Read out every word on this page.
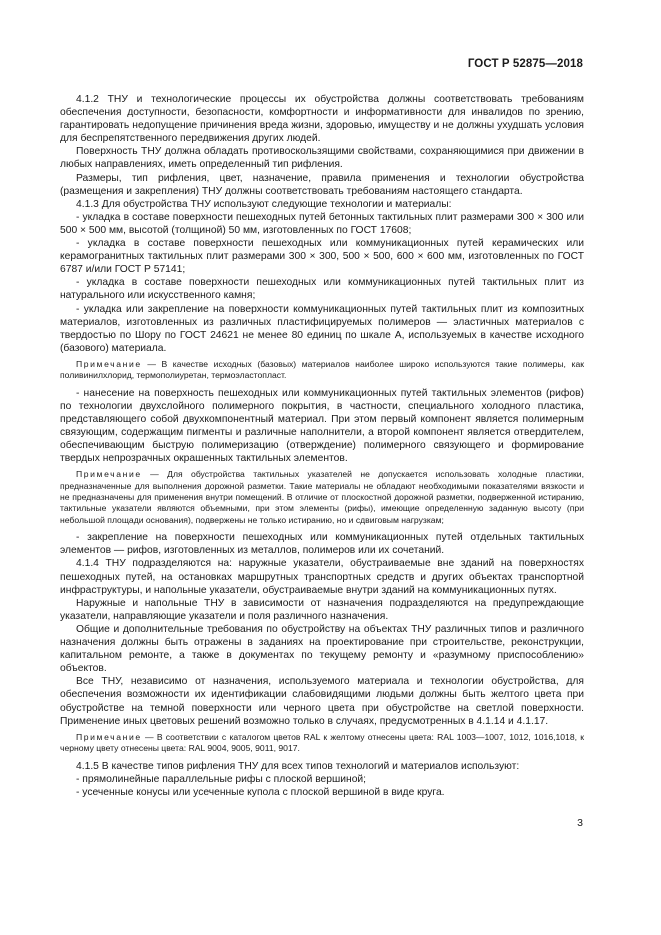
ГОСТ Р 52875—2018

4.1.2 ТНУ и технологические процессы их обустройства должны соответствовать требованиям обеспечения доступности, безопасности, комфортности и информативности для инвалидов по зрению, гарантировать недопущение причинения вреда жизни, здоровью, имуществу и не должны ухудшать условия для беспрепятственного передвижения других людей.

Поверхность ТНУ должна обладать противоскользящими свойствами, сохраняющимися при движении в любых направлениях, иметь определенный тип рифления.

Размеры, тип рифления, цвет, назначение, правила применения и технологии обустройства (размещения и закрепления) ТНУ должны соответствовать требованиям настоящего стандарта.

4.1.3 Для обустройства ТНУ используют следующие технологии и материалы:

- укладка в составе поверхности пешеходных путей бетонных тактильных плит размерами 300 × 300 или 500 × 500 мм, высотой (толщиной) 50 мм, изготовленных по ГОСТ 17608;

- укладка в составе поверхности пешеходных или коммуникационных путей керамических или керамогранитных тактильных плит размерами 300 × 300, 500 × 500, 600 × 600 мм, изготовленных по ГОСТ 6787 и/или ГОСТ Р 57141;

- укладка в составе поверхности пешеходных или коммуникационных путей тактильных плит из натурального или искусственного камня;

- укладка или закрепление на поверхности коммуникационных путей тактильных плит из композитных материалов, изготовленных из различных пластифицируемых полимеров — эластичных материалов с твердостью по Шору по ГОСТ 24621 не менее 80 единиц по шкале А, используемых в качестве исходного (базового) материала.

Примечание — В качестве исходных (базовых) материалов наиболее широко используются такие полимеры, как поливинилхлорид, термополиуретан, термоэластопласт.

- нанесение на поверхность пешеходных или коммуникационных путей тактильных элементов (рифов) по технологии двухслойного полимерного покрытия, в частности, специального холодного пластика, представляющего собой двухкомпонентный материал. При этом первый компонент является полимерным связующим, содержащим пигменты и различные наполнители, а второй компонент является отвердителем, обеспечивающим быструю полимеризацию (отверждение) полимерного связующего и формирование твердых непрозрачных окрашенных тактильных элементов.

Примечание — Для обустройства тактильных указателей не допускается использовать холодные пластики, предназначенные для выполнения дорожной разметки. Такие материалы не обладают необходимыми показателями вязкости и не предназначены для применения внутри помещений. В отличие от плоскостной дорожной разметки, подверженной истиранию, тактильные указатели являются объемными, при этом элементы (рифы), имеющие определенную заданную высоту (при небольшой площади основания), подвержены не только истиранию, но и сдвиговым нагрузкам;

- закрепление на поверхности пешеходных или коммуникационных путей отдельных тактильных элементов — рифов, изготовленных из металлов, полимеров или их сочетаний.

4.1.4 ТНУ подразделяются на: наружные указатели, обустраиваемые вне зданий на поверхностях пешеходных путей, на остановках маршрутных транспортных средств и других объектах транспортной инфраструктуры, и напольные указатели, обустраиваемые внутри зданий на коммуникационных путях.

Наружные и напольные ТНУ в зависимости от назначения подразделяются на предупреждающие указатели, направляющие указатели и поля различного назначения.

Общие и дополнительные требования по обустройству на объектах ТНУ различных типов и различного назначения должны быть отражены в заданиях на проектирование при строительстве, реконструкции, капитальном ремонте, а также в документах по текущему ремонту и «разумному приспособлению» объектов.

Все ТНУ, независимо от назначения, используемого материала и технологии обустройства, для обеспечения возможности их идентификации слабовидящими людьми должны быть желтого цвета при обустройстве на темной поверхности или черного цвета при обустройстве на светлой поверхности. Применение иных цветовых решений возможно только в случаях, предусмотренных в 4.1.14 и 4.1.17.

Примечание — В соответствии с каталогом цветов RAL к желтому отнесены цвета: RAL 1003—1007, 1012, 1016,1018, к черному цвету отнесены цвета: RAL 9004, 9005, 9011, 9017.

4.1.5 В качестве типов рифления ТНУ для всех типов технологий и материалов используют:

- прямолинейные параллельные рифы с плоской вершиной;

- усеченные конусы или усеченные купола с плоской вершиной в виде круга.

3
